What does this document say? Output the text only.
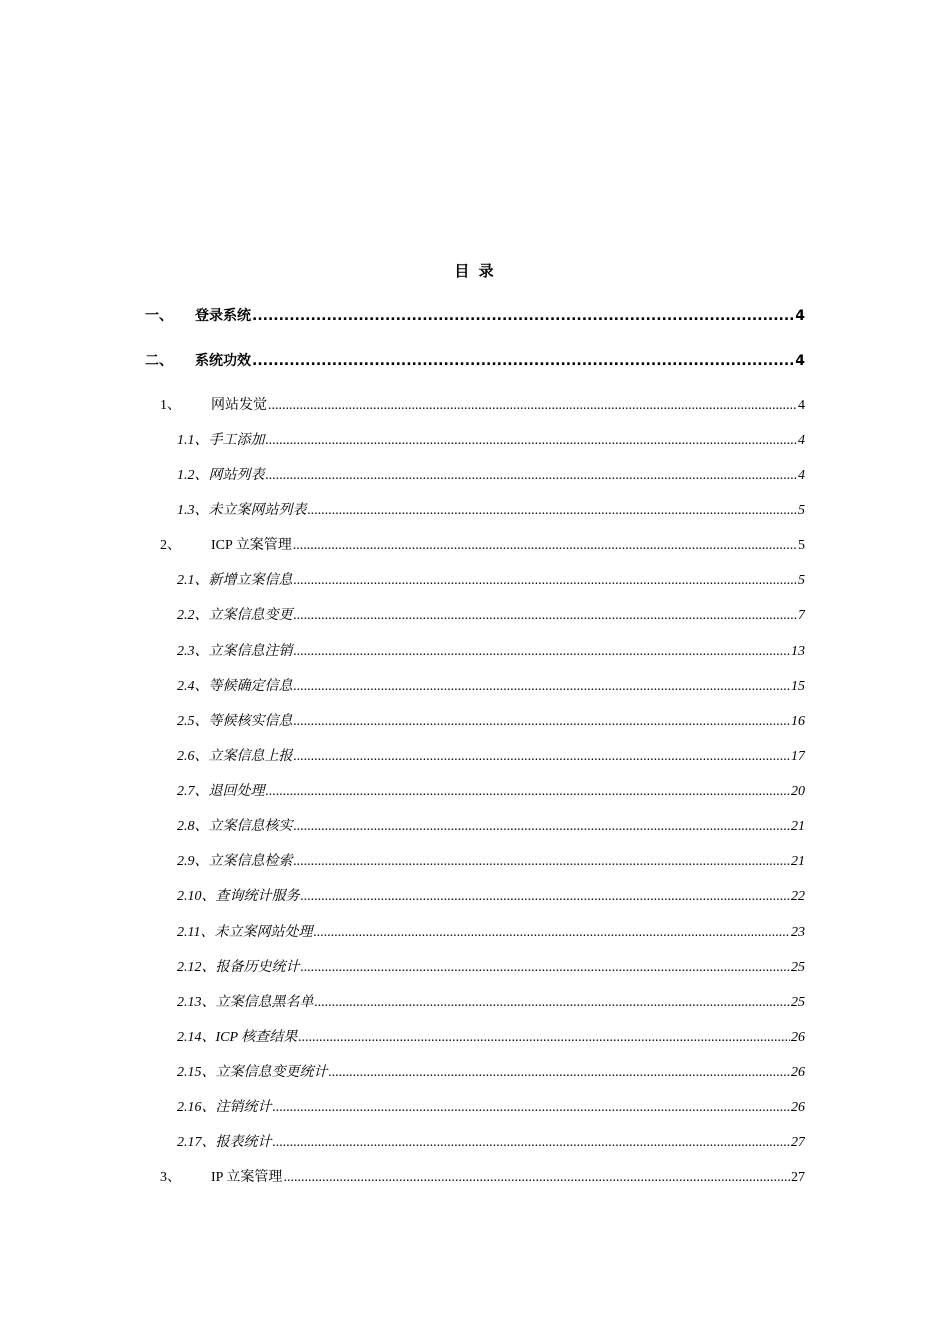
目 录
一、 登录系统 .....	4
二、 系统功效 .....	4
1、 网站发觉 .....	4
1.1、手工添加 .....	4
1.2、网站列表 .....	4
1.3、未立案网站列表 .....	5
2、 ICP 立案管理 .....	5
2.1、新增立案信息 .....	5
2.2、立案信息变更 .....	7
2.3、立案信息注销 .....	13
2.4、等候确定信息 .....	15
2.5、等候核实信息 .....	16
2.6、立案信息上报 .....	17
2.7、退回处理 .....	20
2.8、立案信息核实 .....	21
2.9、立案信息检索 .....	21
2.10、查询统计服务 .....	22
2.11、未立案网站处理 .....	23
2.12、报备历史统计 .....	25
2.13、立案信息黑名单 .....	25
2.14、ICP 核查结果 .....	26
2.15、立案信息变更统计 .....	26
2.16、注销统计 .....	26
2.17、报表统计 .....	27
3、 IP 立案管理 .....	27
